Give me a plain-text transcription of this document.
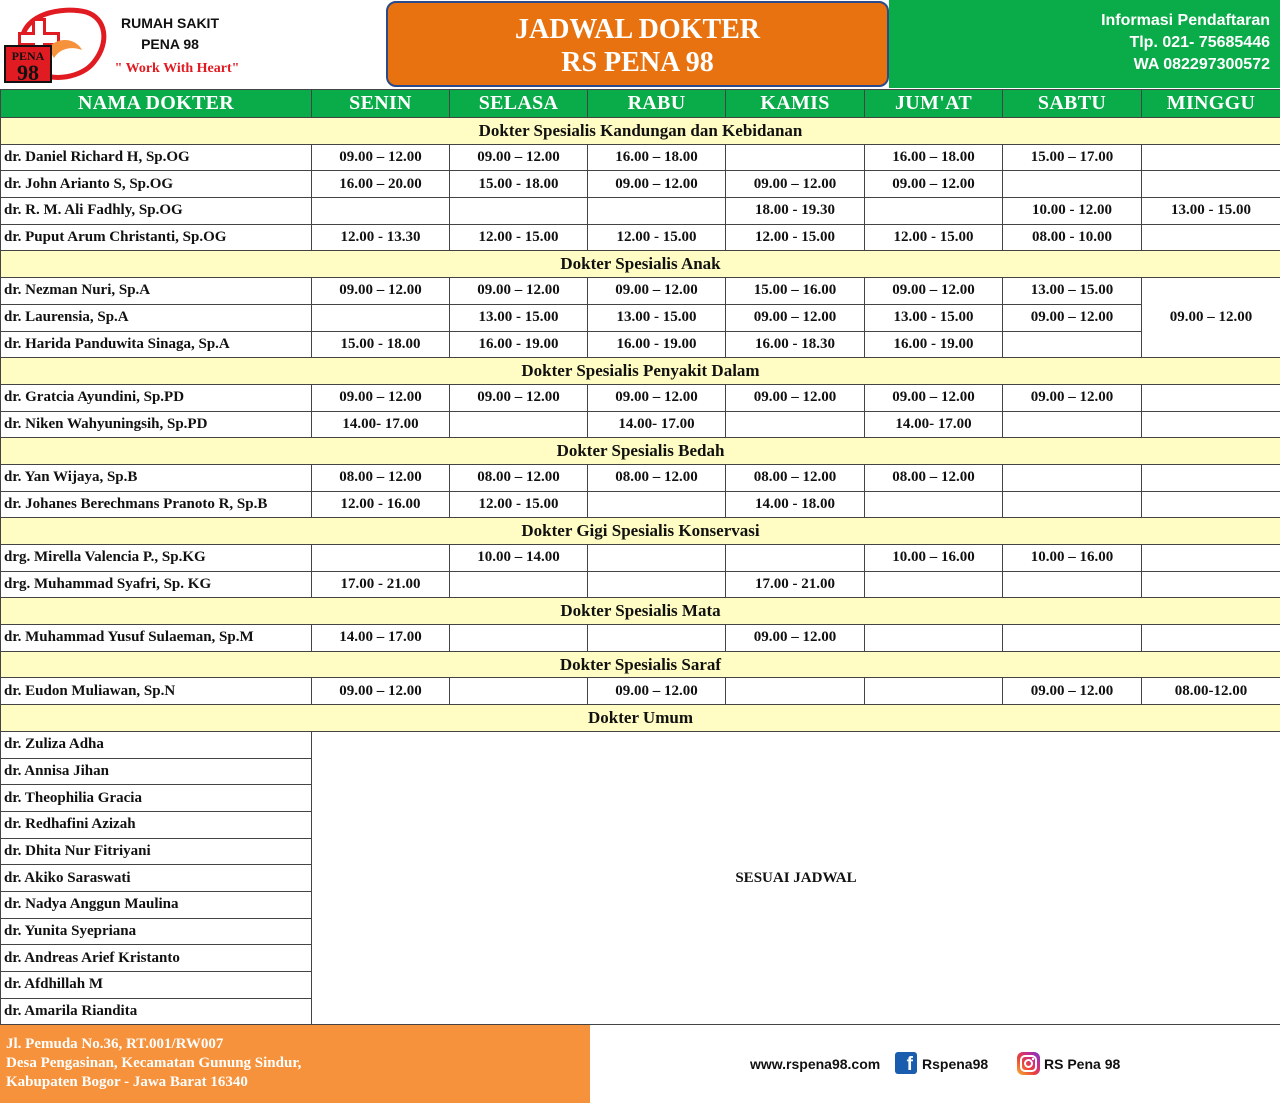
PENA
98
RUMAH SAKIT
PENA 98
" Work With Heart"
JADWAL DOKTER
RS PENA 98
Informasi Pendaftaran
Tlp. 021- 75685446
WA 082297300572
NAMA DOKTER	SENIN	SELASA	RABU	KAMIS	JUM'AT	SABTU	MINGGU
Dokter Spesialis Kandungan dan Kebidanan							
dr. Daniel Richard H, Sp.OG	09.00 – 12.00	09.00 – 12.00	16.00 – 18.00		16.00 – 18.00	15.00 – 17.00	
dr. John Arianto S, Sp.OG	16.00 – 20.00	15.00 - 18.00	09.00 – 12.00	09.00 – 12.00	09.00 – 12.00		
dr. R. M. Ali Fadhly, Sp.OG				18.00 - 19.30		10.00 - 12.00	13.00 - 15.00
dr. Puput Arum Christanti, Sp.OG	12.00 - 13.30	12.00 - 15.00	12.00 - 15.00	12.00 - 15.00	12.00 - 15.00	08.00 - 10.00	
Dokter Spesialis Anak							
dr. Nezman Nuri, Sp.A	09.00 – 12.00	09.00 – 12.00	09.00 – 12.00	15.00 – 16.00	09.00 – 12.00	13.00 – 15.00	09.00 – 12.00
dr. Laurensia, Sp.A		13.00 - 15.00	13.00 - 15.00	09.00 – 12.00	13.00 - 15.00	09.00 – 12.00	
dr. Harida Panduwita Sinaga, Sp.A	15.00 - 18.00	16.00 - 19.00	16.00 - 19.00	16.00 - 18.30	16.00 - 19.00		
Dokter Spesialis Penyakit Dalam							
dr. Gratcia Ayundini, Sp.PD	09.00 – 12.00	09.00 – 12.00	09.00 – 12.00	09.00 – 12.00	09.00 – 12.00	09.00 – 12.00	
dr. Niken Wahyuningsih, Sp.PD	14.00- 17.00		14.00- 17.00		14.00- 17.00		
Dokter Spesialis Bedah							
dr. Yan Wijaya, Sp.B	08.00 – 12.00	08.00 – 12.00	08.00 – 12.00	08.00 – 12.00	08.00 – 12.00		
dr. Johanes Berechmans Pranoto R, Sp.B	12.00 - 16.00	12.00 - 15.00		14.00 - 18.00			
Dokter Gigi Spesialis Konservasi							
drg. Mirella Valencia P., Sp.KG		10.00 – 14.00			10.00 – 16.00	10.00 – 16.00	
drg. Muhammad Syafri, Sp. KG	17.00 - 21.00			17.00 - 21.00			
Dokter Spesialis Mata							
dr. Muhammad Yusuf Sulaeman, Sp.M	14.00 – 17.00			09.00 – 12.00			
Dokter Spesialis Saraf							
dr. Eudon Muliawan, Sp.N	09.00 – 12.00		09.00 – 12.00			09.00 – 12.00	08.00-12.00
Dokter Umum							
dr. Zuliza Adha	SESUAI JADWAL						
dr. Annisa Jihan							
dr. Theophilia Gracia							
dr. Redhafini Azizah							
dr. Dhita Nur Fitriyani							
dr. Akiko Saraswati							
dr. Nadya Anggun Maulina							
dr. Yunita Syepriana							
dr. Andreas Arief Kristanto							
dr. Afdhillah M							
dr. Amarila Riandita							
Jl. Pemuda No.36, RT.001/RW007
Desa Pengasinan, Kecamatan Gunung Sindur,
Kabupaten Bogor - Jawa Barat 16340
www.rspena98.com	f Rspena98	RS Pena 98
